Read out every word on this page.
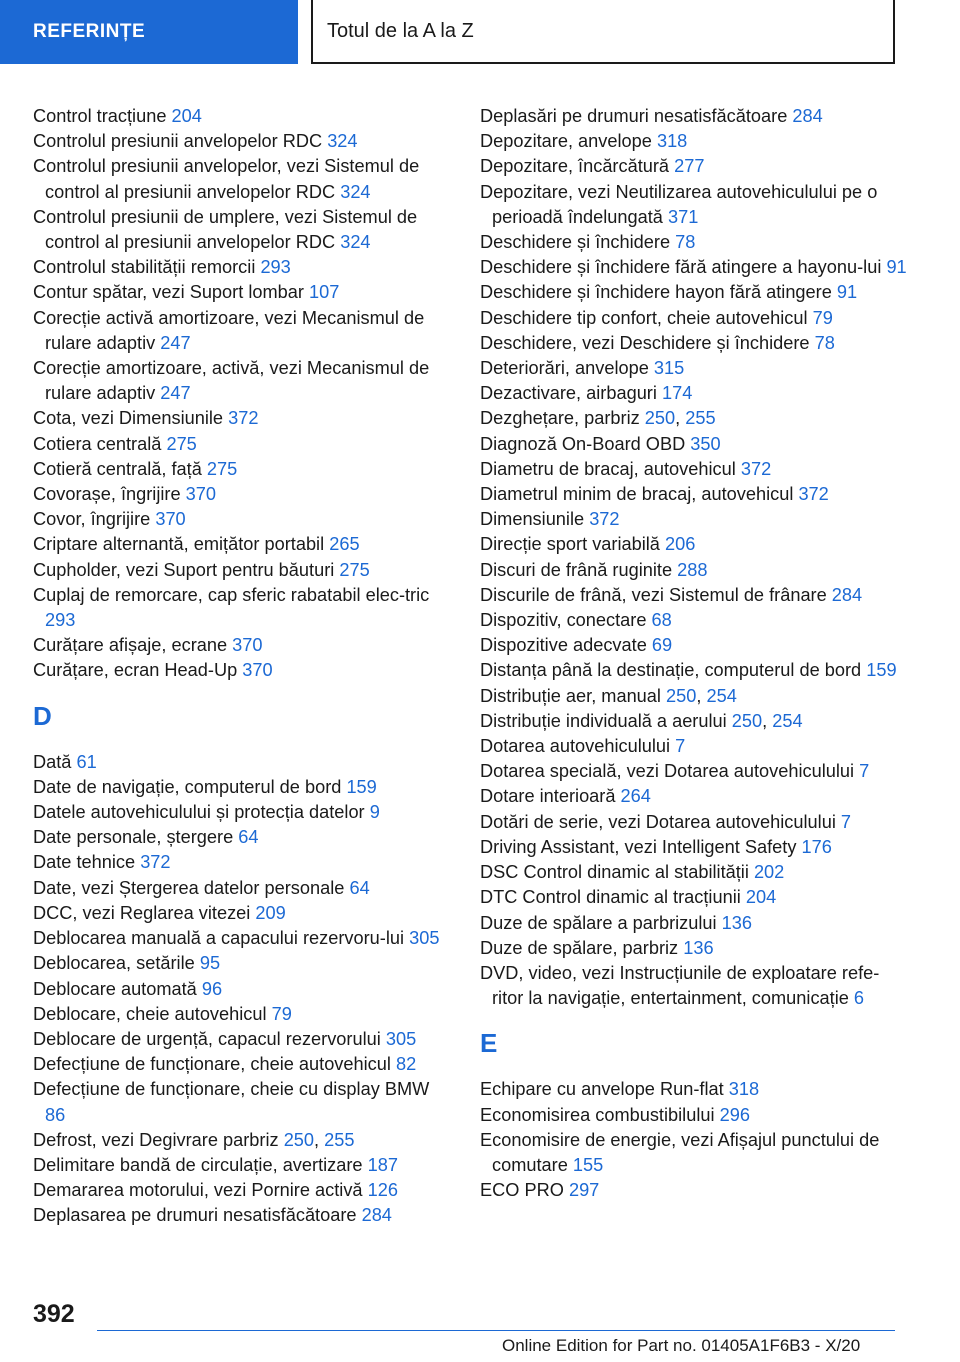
REFERINȚE	Totul de la A la Z
Control tracțiune 204
Controlul presiunii anvelopelor RDC 324
Controlul presiunii anvelopelor, vezi Sistemul de control al presiunii anvelopelor RDC 324
Controlul presiunii de umplere, vezi Sistemul de control al presiunii anvelopelor RDC 324
Controlul stabilității remorcii 293
Contur spătar, vezi Suport lombar 107
Corecție activă amortizoare, vezi Mecanismul de rulare adaptiv 247
Corecție amortizoare, activă, vezi Mecanismul de rulare adaptiv 247
Cota, vezi Dimensiunile 372
Cotiera centrală 275
Cotieră centrală, față 275
Covorașe, îngrijire 370
Covor, îngrijire 370
Criptare alternantă, emițător portabil 265
Cupholder, vezi Suport pentru băuturi 275
Cuplaj de remorcare, cap sferic rabatabil elec-tric 293
Curățare afișaje, ecrane 370
Curățare, ecran Head-Up 370
D
Dată 61
Date de navigație, computerul de bord 159
Datele autovehiculului și protecția datelor 9
Date personale, ștergere 64
Date tehnice 372
Date, vezi Ștergerea datelor personale 64
DCC, vezi Reglarea vitezei 209
Deblocarea manuală a capacului rezervoru-lui 305
Deblocarea, setările 95
Deblocare automată 96
Deblocare, cheie autovehicul 79
Deblocare de urgență, capacul rezervorului 305
Defecțiune de funcționare, cheie autovehicul 82
Defecțiune de funcționare, cheie cu display BMW 86
Defrost, vezi Degivrare parbriz 250, 255
Delimitare bandă de circulație, avertizare 187
Demararea motorului, vezi Pornire activă 126
Deplasarea pe drumuri nesatisfăcătoare 284
Deplasări pe drumuri nesatisfăcătoare 284
Depozitare, anvelope 318
Depozitare, încărcătură 277
Depozitare, vezi Neutilizarea autovehiculului pe o perioadă îndelungată 371
Deschidere și închidere 78
Deschidere și închidere fără atingere a hayonu-lui 91
Deschidere și închidere hayon fără atingere 91
Deschidere tip confort, cheie autovehicul 79
Deschidere, vezi Deschidere și închidere 78
Deteriorări, anvelope 315
Dezactivare, airbaguri 174
Dezghețare, parbriz 250, 255
Diagnoză On-Board OBD 350
Diametru de bracaj, autovehicul 372
Diametrul minim de bracaj, autovehicul 372
Dimensiunile 372
Direcție sport variabilă 206
Discuri de frână ruginite 288
Discurile de frână, vezi Sistemul de frânare 284
Dispozitiv, conectare 68
Dispozitive adecvate 69
Distanța până la destinație, computerul de bord 159
Distribuție aer, manual 250, 254
Distribuție individuală a aerului 250, 254
Dotarea autovehiculului 7
Dotarea specială, vezi Dotarea autovehiculului 7
Dotare interioară 264
Dotări de serie, vezi Dotarea autovehiculului 7
Driving Assistant, vezi Intelligent Safety 176
DSC Control dinamic al stabilității 202
DTC Control dinamic al tracțiunii 204
Duze de spălare a parbrizului 136
Duze de spălare, parbriz 136
DVD, video, vezi Instrucțiunile de exploatare refe-ritor la navigație, entertainment, comunicație 6
E
Echipare cu anvelope Run-flat 318
Economisirea combustibilului 296
Economisire de energie, vezi Afișajul punctului de comutare 155
ECO PRO 297
392
Online Edition for Part no. 01405A1F6B3 - X/20
